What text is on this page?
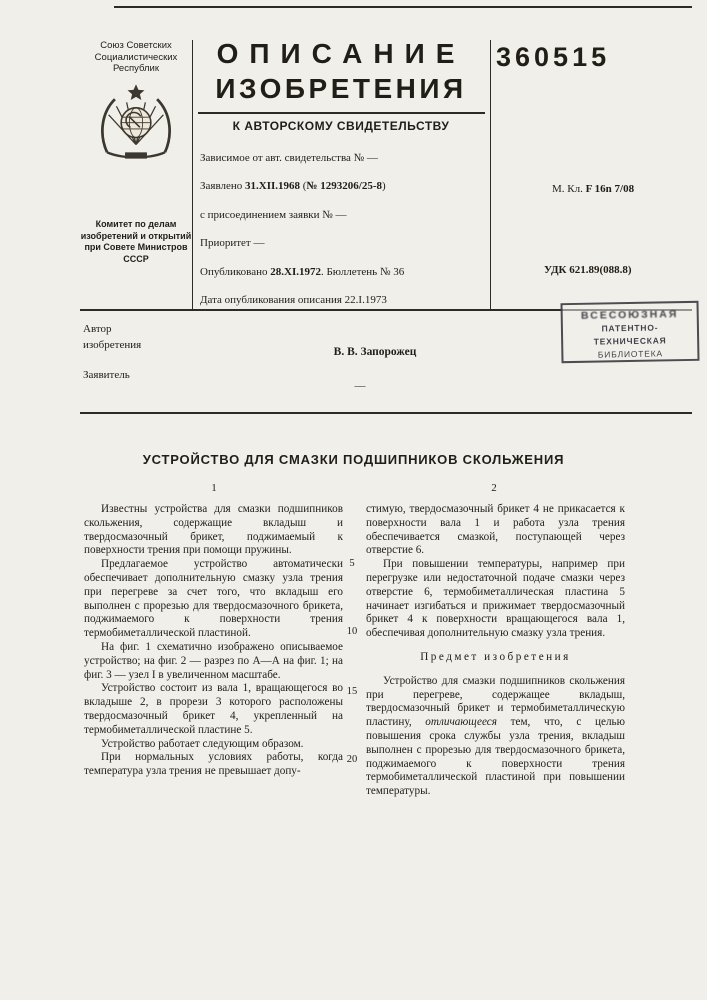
Союз Советских
Социалистических
Республик
Комитет по делам
изобретений и открытий
при Совете Министров
СССР
ОПИСАНИЕ
ИЗОБРЕТЕНИЯ
К АВТОРСКОМУ СВИДЕТЕЛЬСТВУ
Зависимое от авт. свидетельства № —
Заявлено 31.XII.1968 (№ 1293206/25-8)
с присоединением заявки № —
Приоритет —
Опубликовано 28.XI.1972. Бюллетень № 36
Дата опубликования описания 22.I.1973
360515
М. Кл. F 16n 7/08
УДК 621.89(088.8)
Автор
изобретения
В. В. Запорожец
Заявитель
—
ВСЕСОЮЗНАЯ
ПАТЕНТНО-ТЕХНИЧЕСКАЯ
БИБЛИОТЕКА
УСТРОЙСТВО ДЛЯ СМАЗКИ ПОДШИПНИКОВ СКОЛЬЖЕНИЯ
1	2
Известны устройства для смазки подшипников скольжения, содержащие вкладыш и твердосмазочный брикет, поджимаемый к поверхности трения при помощи пружины.
Предлагаемое устройство автоматически обеспечивает дополнительную смазку узла трения при перегреве за счет того, что вкладыш его выполнен с прорезью для твердосмазочного брикета, поджимаемого к поверхности трения термобиметаллической пластиной.
На фиг. 1 схематично изображено описываемое устройство; на фиг. 2 — разрез по А—А на фиг. 1; на фиг. 3 — узел I в увеличенном масштабе.
Устройство состоит из вала 1, вращающегося во вкладыше 2, в прорези 3 которого расположены твердосмазочный брикет 4, укрепленный на термобиметаллической пластине 5.
Устройство работает следующим образом.
При нормальных условиях работы, когда температура узла трения не превышает допу-
стимую, твердосмазочный брикет 4 не прикасается к поверхности вала 1 и работа узла трения обеспечивается смазкой, поступающей через отверстие 6.
При повышении температуры, например при перегрузке или недостаточной подаче смазки через отверстие 6, термобиметаллическая пластина 5 начинает изгибаться и прижимает твердосмазочный брикет 4 к поверхности вращающегося вала 1, обеспечивая дополнительную смазку узла трения.
Предмет изобретения
Устройство для смазки подшипников скольжения при перегреве, содержащее вкладыш, твердосмазочный брикет и термобиметаллическую пластину, отличающееся тем, что, с целью повышения срока службы узла трения, вкладыш выполнен с прорезью для твердосмазочного брикета, поджимаемого к поверхности трения термобиметаллической пластиной при повышении температуры.
5
10
15
20
